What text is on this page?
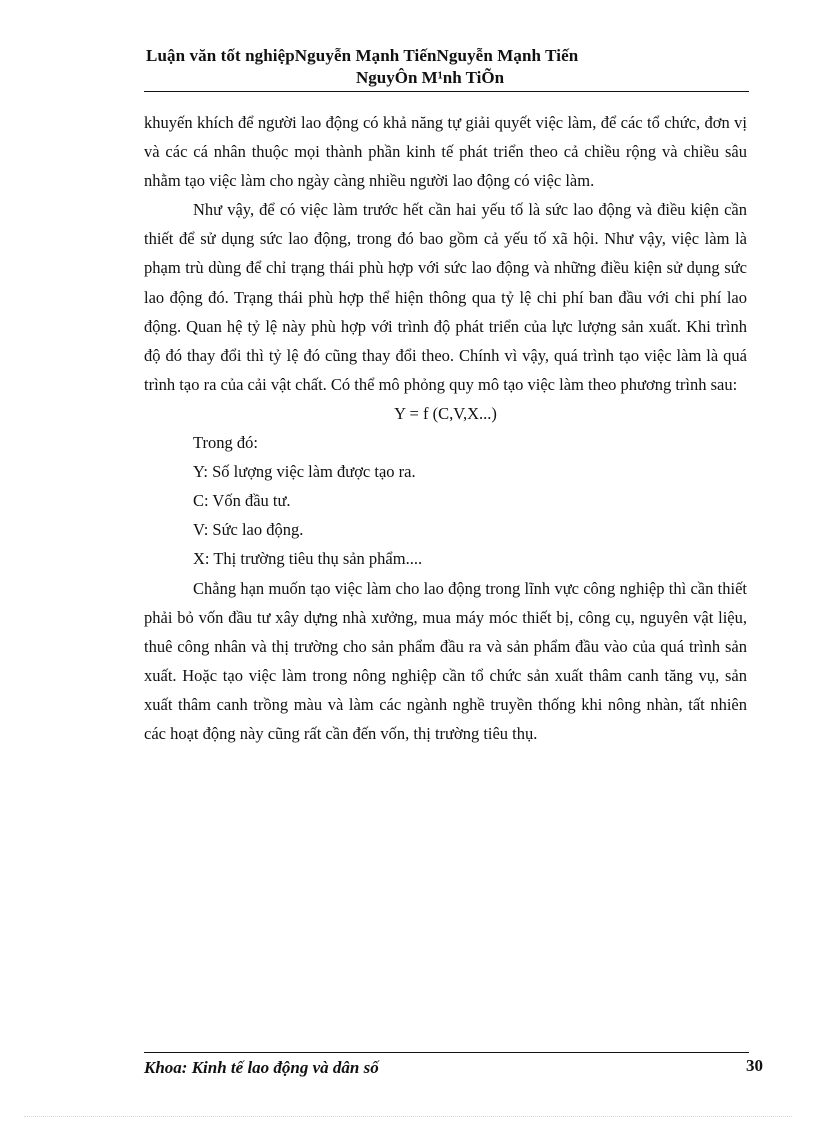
Luận văn tốt nghiệpNguyễn Mạnh TiếnNguyễn Mạnh Tiến
NguyÔn M¹nh TiÕn

khuyến khích để người lao động có khả năng tự giải quyết việc làm, để các tổ chức, đơn vị và các cá nhân thuộc mọi thành phần kinh tế phát triển theo cả chiều rộng và chiều sâu nhằm tạo việc làm cho ngày càng nhiều người lao động có việc làm.

Như vậy, để có việc làm trước hết cần hai yếu tố là sức lao động và điều kiện cần thiết để sử dụng sức lao động, trong đó bao gồm cả yếu tố xã hội. Như vậy, việc làm là phạm trù dùng để chỉ trạng thái phù hợp với sức lao động và những điều kiện sử dụng sức lao động đó. Trạng thái phù hợp thể hiện thông qua tỷ lệ chi phí ban đầu với chi phí lao động. Quan hệ tỷ lệ này phù hợp với trình độ phát triển của lực lượng sản xuất. Khi trình độ đó thay đổi thì tỷ lệ đó cũng thay đổi theo. Chính vì vậy, quá trình tạo việc làm là quá trình tạo ra của cải vật chất. Có thể mô phỏng quy mô tạo việc làm theo phương trình sau:

Y = f (C,V,X...)

Trong đó:

Y: Số lượng việc làm được tạo ra.

C: Vốn đầu tư.

V: Sức lao động.

X: Thị trường tiêu thụ sản phẩm....

Chẳng hạn muốn tạo việc làm cho lao động trong lĩnh vực công nghiệp thì cần thiết phải bỏ vốn đầu tư xây dựng nhà xưởng, mua máy móc thiết bị, công cụ, nguyên vật liệu, thuê công nhân và thị trường cho sản phẩm đầu ra và sản phẩm đầu vào của quá trình sản xuất. Hoặc tạo việc làm trong nông nghiệp cần tổ chức sản xuất thâm canh tăng vụ, sản xuất thâm canh trồng màu và làm các ngành nghề truyền thống khi nông nhàn, tất nhiên các hoạt động này cũng rất cần đến vốn, thị trường tiêu thụ.

Khoa: Kinh tế lao động và dân số	30
